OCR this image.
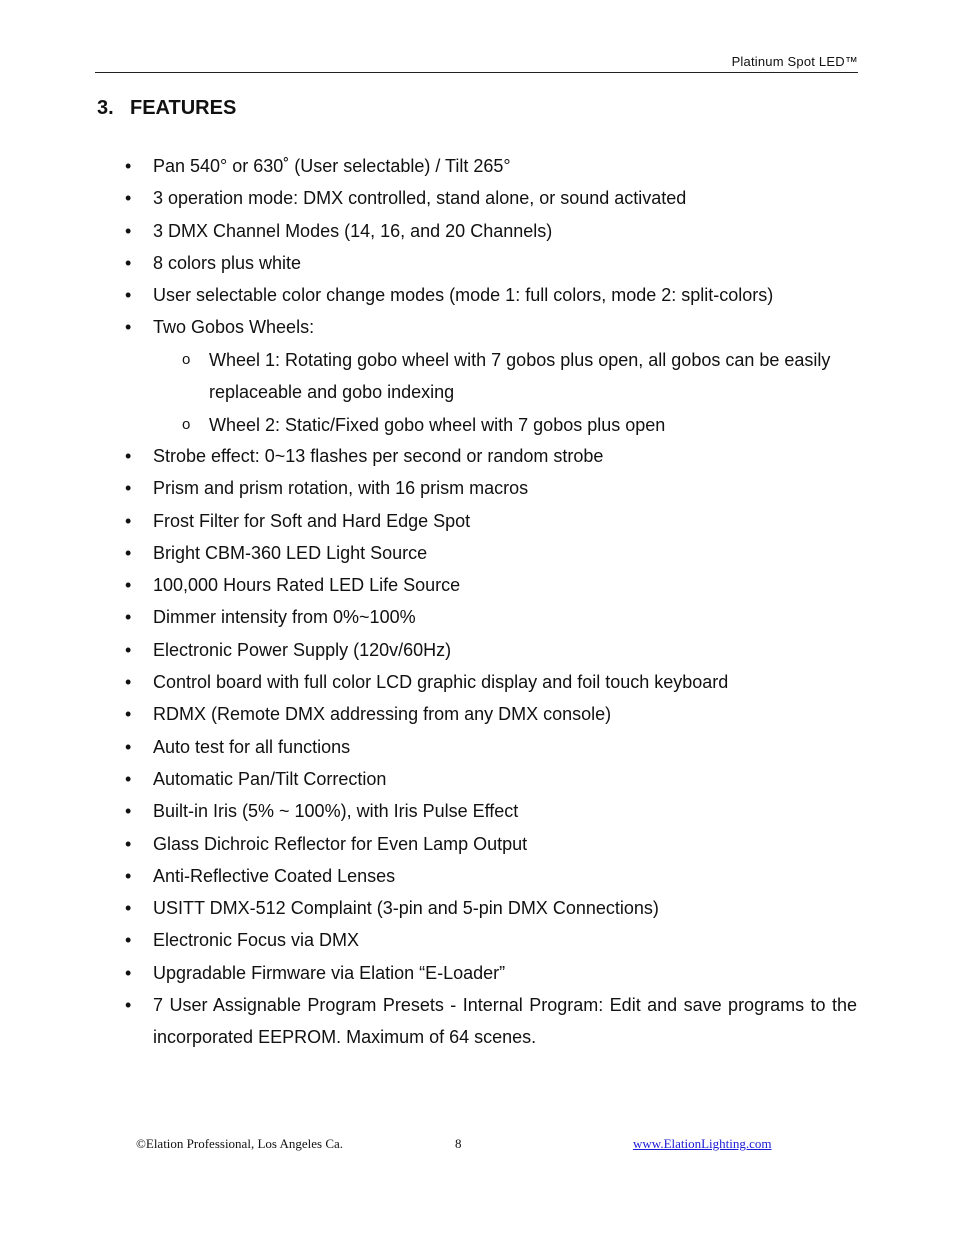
Platinum Spot LED™
3. FEATURES
• Pan 540° or 630˚ (User selectable) / Tilt 265°
• 3 operation mode: DMX controlled, stand alone, or sound activated
• 3 DMX Channel Modes (14, 16, and 20 Channels)
• 8 colors plus white
• User selectable color change modes (mode 1: full colors, mode 2: split-colors)
• Two Gobos Wheels:
o Wheel 1: Rotating gobo wheel with 7 gobos plus open, all gobos can be easily replaceable and gobo indexing
o Wheel 2: Static/Fixed gobo wheel with 7 gobos plus open
• Strobe effect: 0~13 flashes per second or random strobe
• Prism and prism rotation, with 16 prism macros
• Frost Filter for Soft and Hard Edge Spot
• Bright CBM-360 LED Light Source
• 100,000 Hours Rated LED Life Source
• Dimmer intensity from 0%~100%
• Electronic Power Supply (120v/60Hz)
• Control board with full color LCD graphic display and foil touch keyboard
• RDMX (Remote DMX addressing from any DMX console)
• Auto test for all functions
• Automatic Pan/Tilt Correction
• Built-in Iris (5% ~ 100%), with Iris Pulse Effect
• Glass Dichroic Reflector for Even Lamp Output
• Anti-Reflective Coated Lenses
• USITT DMX-512 Complaint (3-pin and 5-pin DMX Connections)
• Electronic Focus via DMX
• Upgradable Firmware via Elation “E-Loader”
• 7 User Assignable Program Presets - Internal Program: Edit and save programs to the incorporated EEPROM. Maximum of 64 scenes.
©Elation Professional, Los Angeles Ca.	8	www.ElationLighting.com
